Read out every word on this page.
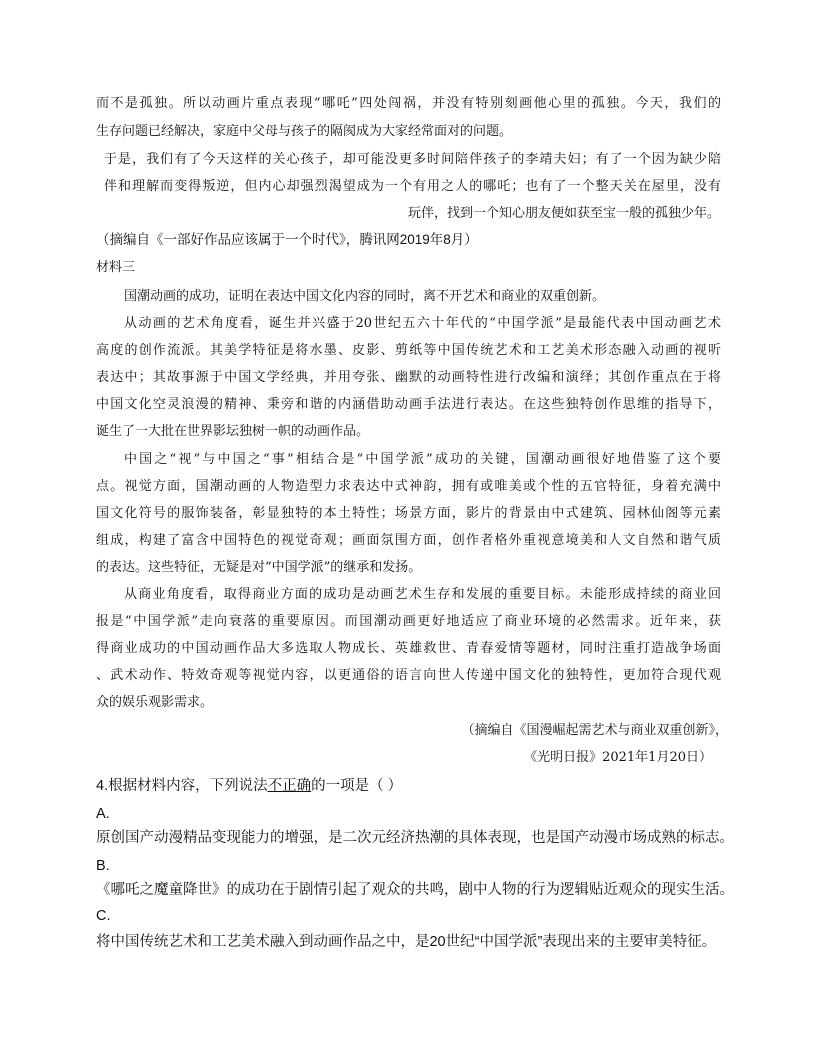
而不是孤独。所以动画片重点表现“哪吒”四处闯祸，并没有特别刻画他心里的孤独。今天，我们的
生存问题已经解决，家庭中父母与孩子的隔阂成为大家经常面对的问题。
于是，我们有了今天这样的关心孩子，却可能没更多时间陪伴孩子的李靖夫妇；有了一个因为缺少陪
伴和理解而变得叛逆，但内心却强烈渴望成为一个有用之人的哪吒；也有了一个整天关在屋里，没有
玩伴，找到一个知心朋友便如获至宝一般的孤独少年。
（摘编自《一部好作品应该属于一个时代》，腾讯网2019年8月）
材料三
国潮动画的成功，证明在表达中国文化内容的同时，离不开艺术和商业的双重创新。
从动画的艺术角度看，诞生并兴盛于20世纪五六十年代的“中国学派”是最能代表中国动画艺术
高度的创作流派。其美学特征是将水墨、皮影、剪纸等中国传统艺术和工艺美术形态融入动画的视听
表达中；其故事源于中国文学经典，并用夸张、幽默的动画特性进行改编和演绎；其创作重点在于将
中国文化空灵浪漫的精神、秉旁和谐的内涵借助动画手法进行表达。在这些独特创作思维的指导下，
诞生了一大批在世界影坛独树一帜的动画作品。
中国之“视”与中国之“事”相结合是“中国学派”成功的关键，国潮动画很好地借鉴了这个要
点。视觉方面，国潮动画的人物造型力求表达中式神韵，拥有或唯美或个性的五官特征，身着充满中
国文化符号的服饰装备，彰显独特的本土特性；场景方面，影片的背景由中式建筑、园林仙阁等元素
组成，构建了富含中国特色的视觉奇观；画面氛围方面，创作者格外重视意境美和人文自然和谐气质
的表达。这些特征，无疑是对“中国学派”的继承和发扬。
从商业角度看，取得商业方面的成功是动画艺术生存和发展的重要目标。未能形成持续的商业回
报是“中国学派”走向衰落的重要原因。而国潮动画更好地适应了商业环境的必然需求。近年来，获
得商业成功的中国动画作品大多选取人物成长、英雄救世、青春爱情等题材，同时注重打造战争场面
、武术动作、特效奇观等视觉内容，以更通俗的语言向世人传递中国文化的独特性，更加符合现代观
众的娱乐观影需求。
（摘编自《国漫崛起需艺术与商业双重创新》，
《光明日报》2021年1月20日）
4.根据材料内容，下列说法不正确的一项是（ ）
A.
原创国产动漫精品变现能力的增强，是二次元经济热潮的具体表现，也是国产动漫市场成熟的标志。
B.
《哪吒之魔童降世》的成功在于剧情引起了观众的共鸣，剧中人物的行为逻辑贴近观众的现实生活。
C.
将中国传统艺术和工艺美术融入到动画作品之中，是20世纪“中国学派”表现出来的主要审美特征。
